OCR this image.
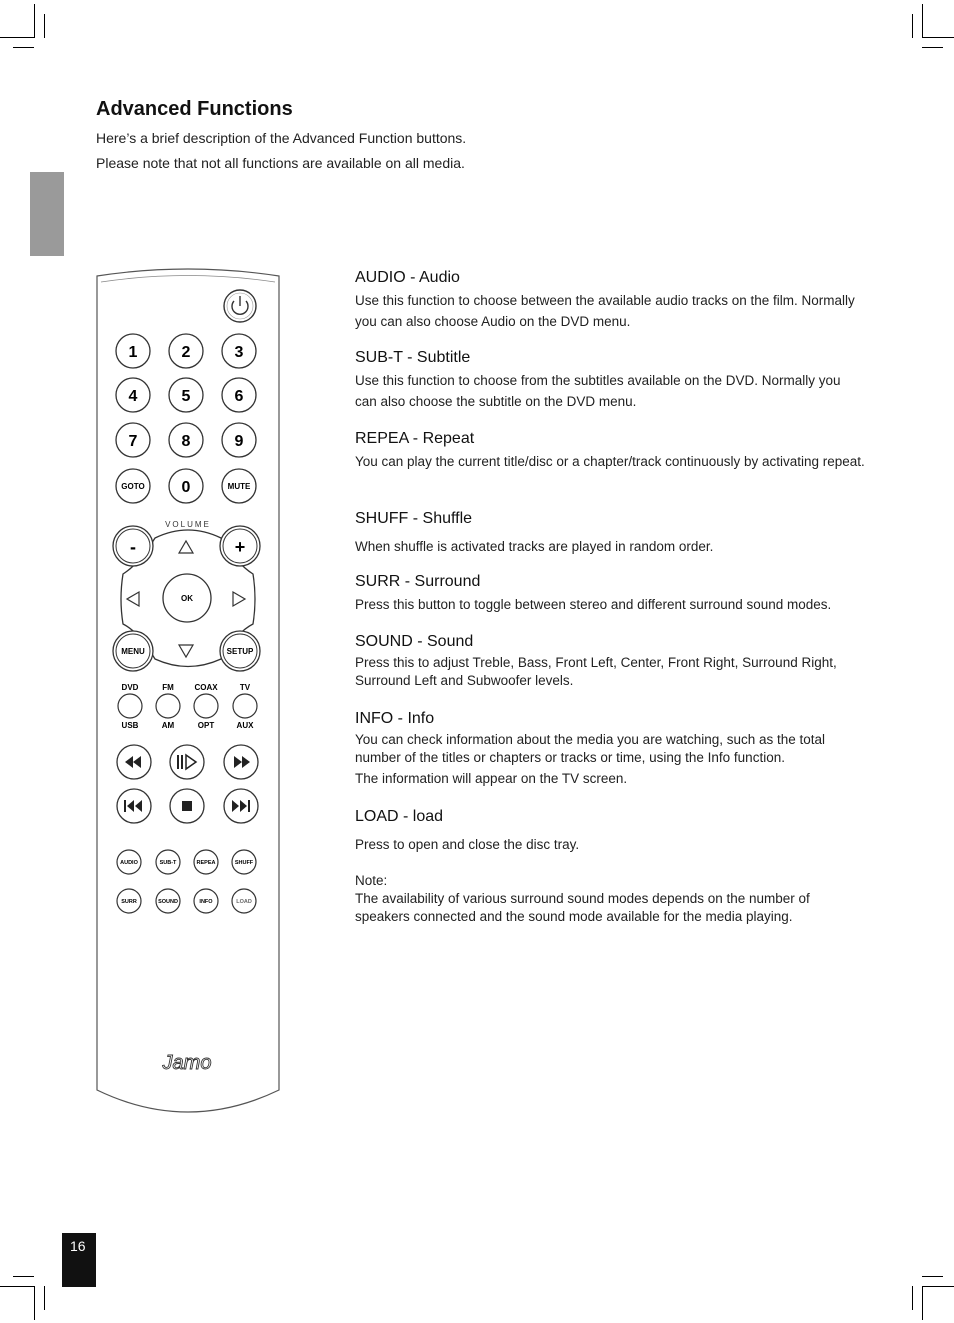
Advanced Functions

Here’s a brief description of the Advanced Function buttons.

Please note that not all functions are available on all media.

1	2	3
4	5	6
7	8	9
GOTO 0	MUTE
VOLUME
-	+
OK
MENU	SETUP
DVD	FM	COAX	TV
USB	AM	OPT	AUX
AUDIO	SUB-T	REPEA	SHUFF
SURR	SOUND	INFO	LOAD
Jamo

AUDIO - Audio

Use this function to choose between the available audio tracks on the film. Normally you can also choose Audio on the DVD menu.

SUB-T - Subtitle

Use this function to choose from the subtitles available on the DVD. Normally you can also choose the subtitle on the DVD menu.

REPEA - Repeat

You can play the current title/disc or a chapter/track continuously by activating repeat.

SHUFF - Shuffle

When shuffle is activated tracks are played in random order.

SURR - Surround

Press this button to toggle between stereo and different surround sound modes.

SOUND - Sound

Press this to adjust Treble, Bass, Front Left, Center, Front Right, Surround Right, Surround Left and Subwoofer levels.

INFO - Info

You can check information about the media you are watching, such as the total number of the titles or chapters or tracks or time, using the Info function.

The information will appear on the TV screen.

LOAD - load

Press to open and close the disc tray.

Note:

The availability of various surround sound modes depends on the number of speakers connected and the sound mode available for the media playing.

16
